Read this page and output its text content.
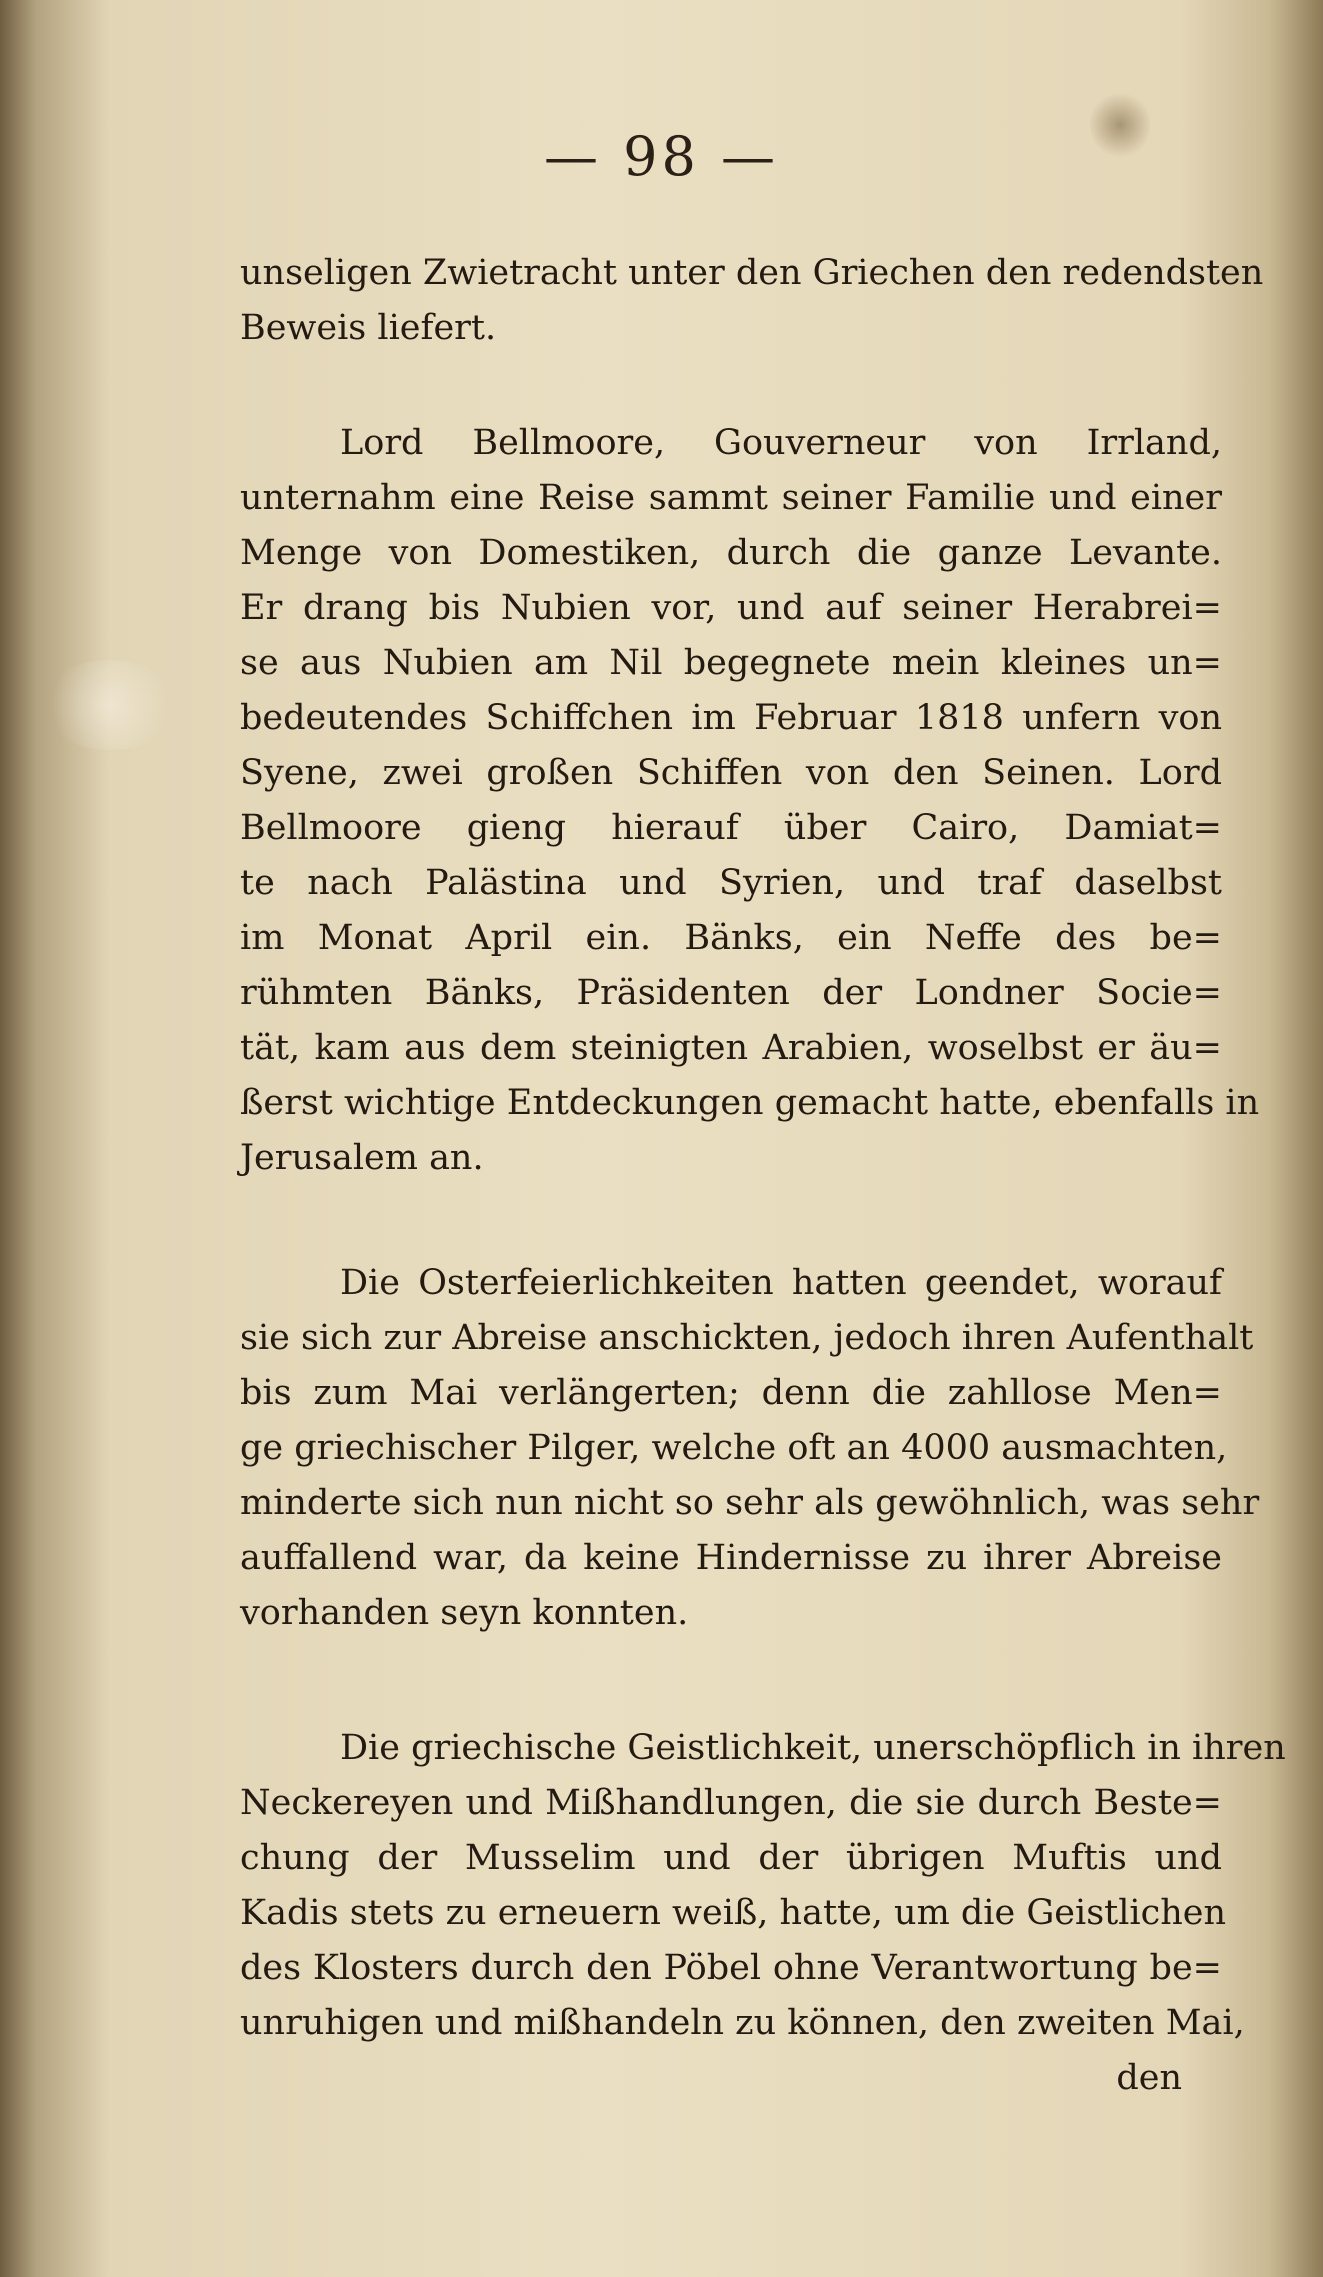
— 98 —
unseligen Zwietracht unter den Griechen den redendsten
Beweis liefert.
Lord Bellmoore, Gouverneur von Irrland,
unternahm eine Reise sammt seiner Familie und einer
Menge von Domestiken, durch die ganze Levante.
Er drang bis Nubien vor, und auf seiner Herabrei=
se aus Nubien am Nil begegnete mein kleines un=
bedeutendes Schiffchen im Februar 1818 unfern von
Syene, zwei großen Schiffen von den Seinen. Lord
Bellmoore gieng hierauf über Cairo, Damiat=
te nach Palästina und Syrien, und traf daselbst
im Monat April ein. Bänks, ein Neffe des be=
rühmten Bänks, Präsidenten der Londner Socie=
tät, kam aus dem steinigten Arabien, woselbst er äu=
ßerst wichtige Entdeckungen gemacht hatte, ebenfalls in
Jerusalem an.
Die Osterfeierlichkeiten hatten geendet, worauf
sie sich zur Abreise anschickten, jedoch ihren Aufenthalt
bis zum Mai verlängerten; denn die zahllose Men=
ge griechischer Pilger, welche oft an 4000 ausmachten,
minderte sich nun nicht so sehr als gewöhnlich, was sehr
auffallend war, da keine Hindernisse zu ihrer Abreise
vorhanden seyn konnten.
Die griechische Geistlichkeit, unerschöpflich in ihren
Neckereyen und Mißhandlungen, die sie durch Beste=
chung der Musselim und der übrigen Muftis und
Kadis stets zu erneuern weiß, hatte, um die Geistlichen
des Klosters durch den Pöbel ohne Verantwortung be=
unruhigen und mißhandeln zu können, den zweiten Mai,
den
